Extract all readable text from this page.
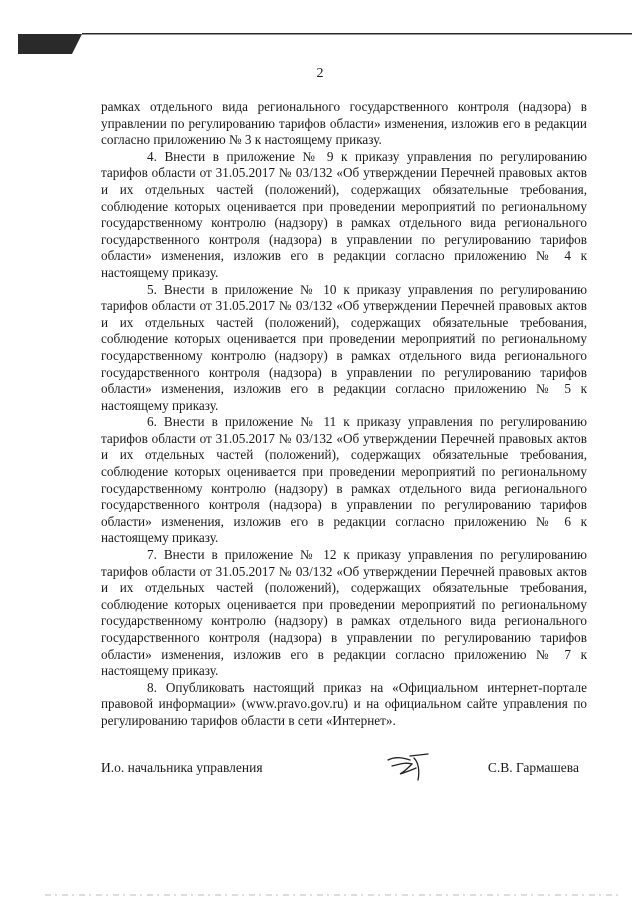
2

рамках отдельного вида регионального государственного контроля (надзора) в управлении по регулированию тарифов области» изменения, изложив его в редакции согласно приложению № 3 к настоящему приказу.

4. Внести в приложение № 9 к приказу управления по регулированию тарифов области от 31.05.2017 № 03/132 «Об утверждении Перечней правовых актов и их отдельных частей (положений), содержащих обязательные требования, соблюдение которых оценивается при проведении мероприятий по региональному государственному контролю (надзору) в рамках отдельного вида регионального государственного контроля (надзора) в управлении по регулированию тарифов области» изменения, изложив его в редакции согласно приложению № 4 к настоящему приказу.

5. Внести в приложение № 10 к приказу управления по регулированию тарифов области от 31.05.2017 № 03/132 «Об утверждении Перечней правовых актов и их отдельных частей (положений), содержащих обязательные требования, соблюдение которых оценивается при проведении мероприятий по региональному государственному контролю (надзору) в рамках отдельного вида регионального государственного контроля (надзора) в управлении по регулированию тарифов области» изменения, изложив его в редакции согласно приложению № 5 к настоящему приказу.

6. Внести в приложение № 11 к приказу управления по регулированию тарифов области от 31.05.2017 № 03/132 «Об утверждении Перечней правовых актов и их отдельных частей (положений), содержащих обязательные требования, соблюдение которых оценивается при проведении мероприятий по региональному государственному контролю (надзору) в рамках отдельного вида регионального государственного контроля (надзора) в управлении по регулированию тарифов области» изменения, изложив его в редакции согласно приложению № 6 к настоящему приказу.

7. Внести в приложение № 12 к приказу управления по регулированию тарифов области от 31.05.2017 № 03/132 «Об утверждении Перечней правовых актов и их отдельных частей (положений), содержащих обязательные требования, соблюдение которых оценивается при проведении мероприятий по региональному государственному контролю (надзору) в рамках отдельного вида регионального государственного контроля (надзора) в управлении по регулированию тарифов области» изменения, изложив его в редакции согласно приложению № 7 к настоящему приказу.

8. Опубликовать настоящий приказ на «Официальном интернет-портале правовой информации» (www.pravo.gov.ru) и на официальном сайте управления по регулированию тарифов области в сети «Интернет».

И.о. начальника управления	С.В. Гармашева
